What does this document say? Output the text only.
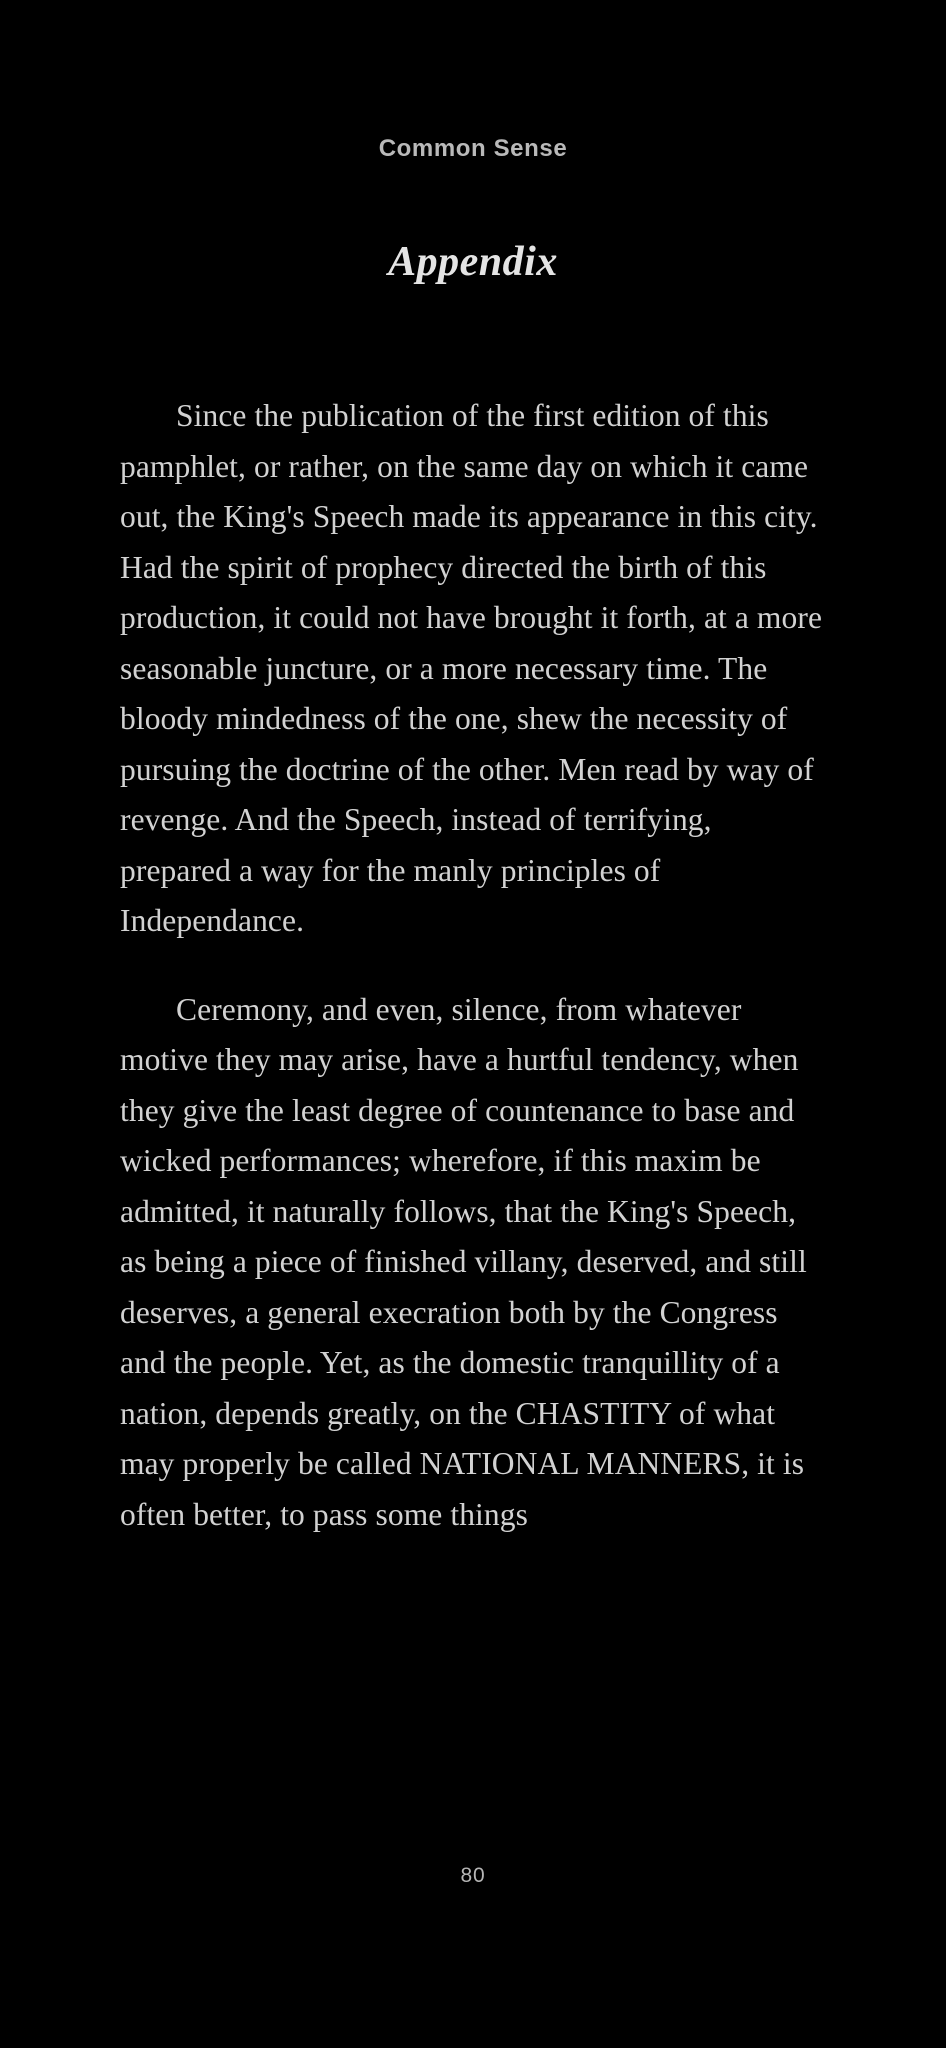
Common Sense
Appendix

Since the publication of the first edition of this pamphlet, or rather, on the same day on which it came out, the King's Speech made its appearance in this city. Had the spirit of prophecy directed the birth of this production, it could not have brought it forth, at a more seasonable juncture, or a more necessary time. The bloody mindedness of the one, shew the necessity of pursuing the doctrine of the other. Men read by way of revenge. And the Speech, instead of terrifying, prepared a way for the manly principles of Independance.

Ceremony, and even, silence, from whatever motive they may arise, have a hurtful tendency, when they give the least degree of countenance to base and wicked performances; wherefore, if this maxim be admitted, it naturally follows, that the King's Speech, as being a piece of finished villany, deserved, and still deserves, a general execration both by the Congress and the people. Yet, as the domestic tranquillity of a nation, depends greatly, on the CHASTITY of what may properly be called NATIONAL MANNERS, it is often better, to pass some things

80
